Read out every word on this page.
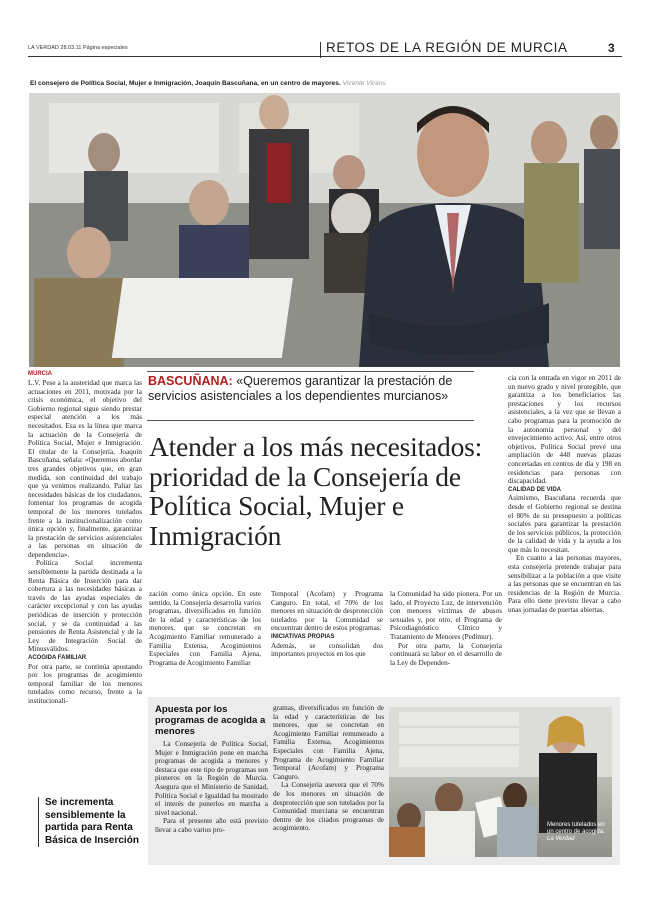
LA VERDAD 28.03.11 Página especiales	RETOS DE LA REGIÓN DE MURCIA	3
El consejero de Política Social, Mujer e Inmigración, Joaquín Bascuñana, en un centro de mayores. Vicente Vicéns
MURCIA

L.V. Pese a la austeridad que marca las actuaciones en 2011, motivada por la crisis económica, el objetivo del Gobierno regional sigue siendo prestar especial atención a los más necesitados. Esa es la línea que marca la actuación de la Consejería de Política Social, Mujer e Inmigración. El titular de la Consejería, Joaquín Bascuñana, señala: «Queremos abordar tres grandes objetivos que, en gran medida, son continuidad del trabajo que ya venimos realizando. Paliar las necesidades básicas de los ciudadanos, fomentar los programas de acogida temporal de los menores tutelados frente a la institucionalización como única opción y, finalmente, garantizar la prestación de servicios asistenciales a las personas en situación de dependencia».

Política Social incrementa sensiblemente la partida destinada a la Renta Básica de Inserción para dar cobertura a las necesidades básicas a través de las ayudas especiales de carácter excepcional y con las ayudas periódicas de inserción y protección social, y se da continuidad a las pensiones de Renta Asistencial y de la Ley de Integración Social de Minusválidos.

ACOGIDA FAMILIAR

Por otra parte, se continúa apostando por los programas de acogimiento temporal familiar de los menores tutelados como recurso, frente a la institucionali-

BASCUÑANA: «Queremos garantizar la prestación de servicios asistenciales a los dependientes murcianos»
Atender a los más necesitados: prioridad de la Consejería de Política Social, Mujer e Inmigración

zación como única opción. En este sentido, la Consejería desarrolla varios programas, diversificados en función de la edad y características de los menores, que se concretan en Acogimiento Familiar remunerado a Familia Extensa, Acogimientos Especiales con Familia Ajena, Programa de Acogimiento Familiar

Temporal (Acofam) y Programa Canguro. En total, el 70% de los menores en situación de desprotección tutelados por la Comunidad se encuentran dentro de estos programas.

INICIATIVAS PROPIAS

Además, se consolidan dos importantes proyectos en los que

la Comunidad ha sido pionera. Por un lado, el Proyecto Luz, de intervención con menores víctimas de abusos sexuales y, por otro, el Programa de Psicodiagnóstico Clínico y Tratamiento de Menores (Pedimur).

Por otra parte, la Consejería continuará su labor en el desarrollo de la Ley de Dependen-

cia con la entrada en vigor en 2011 de un nuevo grado y nivel protegible, que garantiza a los beneficiarios las prestaciones y los recursos asistenciales, a la vez que se llevan a cabo programas para la promoción de la autonomía personal y del envejecimiento activo. Así, entre otros objetivos, Política Social prevé una ampliación de 448 nuevas plazas concertadas en centros de día y 198 en residencias para personas con discapacidad.

CALIDAD DE VIDA

Asimismo, Bascuñana recuerda que desde el Gobierno regional se destina el 80% de su presupuesto a políticas sociales para garantizar la prestación de los servicios públicos, la protección de la calidad de vida y la ayuda a los que más lo necesitan.

En cuanto a las personas mayores, esta consejería pretende trabajar para sensibilizar a la población a que visite a las personas que se encuentran en las residencias de la Región de Murcia. Para ello tiene previsto llevar a cabo unas jornadas de puertas abiertas.

Se incrementa sensiblemente la partida para Renta Básica de Inserción
Apuesta por los programas de acogida a menores

La Consejería de Política Social, Mujer e Inmigración pone en marcha programas de acogida a menores y destaca que este tipo de programas son pioneros en la Región de Murcia. Asegura que el Ministerio de Sanidad, Política Social e Igualdad ha mostrado el interés de ponerlos en marcha a nivel nacional.

Para el presente año está previsto llevar a cabo varios pro-

gramas, diversificados en función de la edad y características de los menores, que se concretan en Acogimiento Familiar remunerado a Familia Extensa, Acogimientos Especiales con Familia Ajena, Programa de Acogimiento Familiar Temporal (Acofam) y Programa Canguro.

La Consejería asevera que el 70% de los menores en situación de desprotección que son tutelados por la Comunidad murciana se encuentran dentro de los citados programas de acogimiento.	Menores tutelados en un centro de acogida. La Verdad
